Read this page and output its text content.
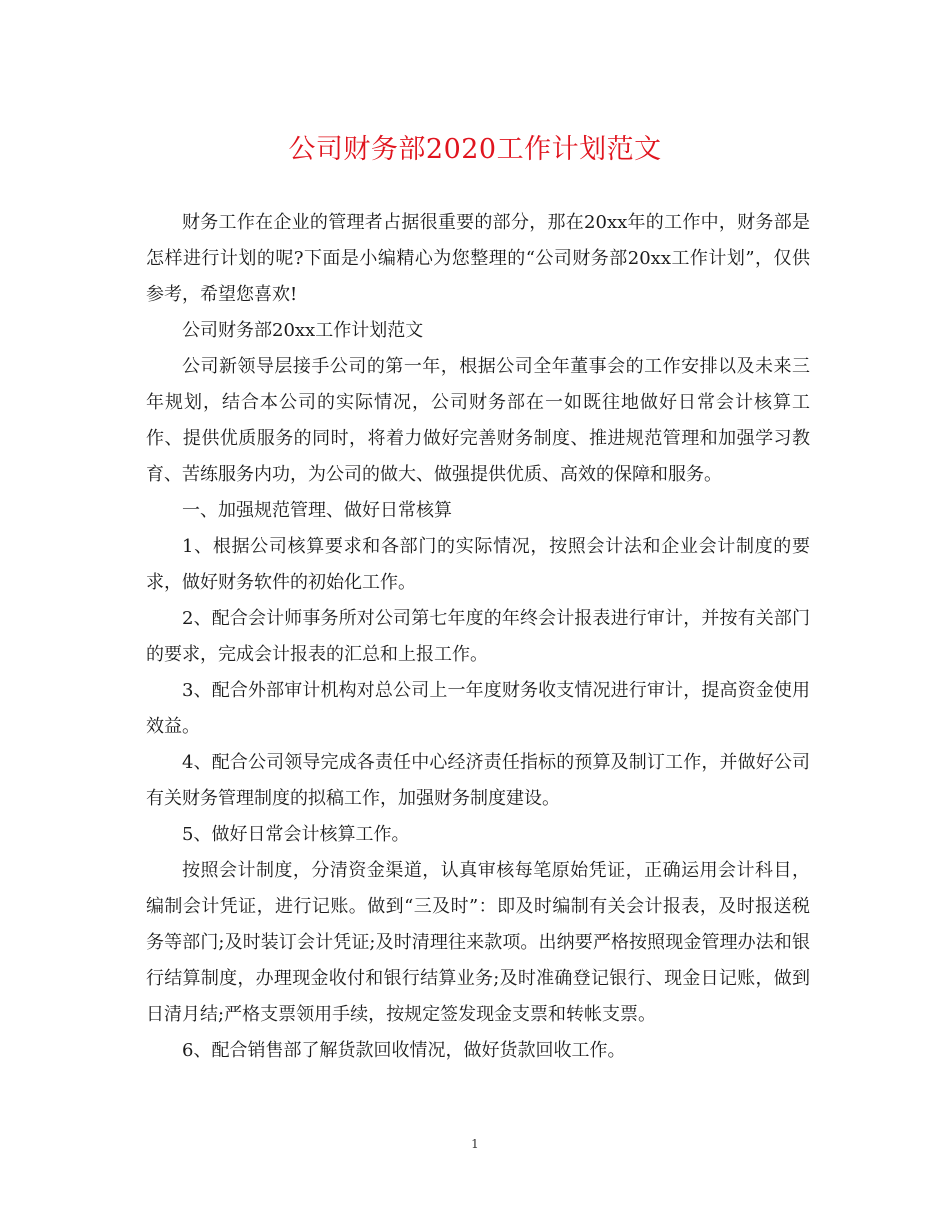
公司财务部2020工作计划范文

财务工作在企业的管理者占据很重要的部分，那在20xx年的工作中，财务部是怎样进行计划的呢?下面是小编精心为您整理的“公司财务部20xx工作计划”，仅供参考，希望您喜欢!

公司财务部20xx工作计划范文

公司新领导层接手公司的第一年，根据公司全年董事会的工作安排以及未来三年规划，结合本公司的实际情况，公司财务部在一如既往地做好日常会计核算工作、提供优质服务的同时，将着力做好完善财务制度、推进规范管理和加强学习教育、苦练服务内功，为公司的做大、做强提供优质、高效的保障和服务。

一、加强规范管理、做好日常核算

1、根据公司核算要求和各部门的实际情况，按照会计法和企业会计制度的要求，做好财务软件的初始化工作。

2、配合会计师事务所对公司第七年度的年终会计报表进行审计，并按有关部门的要求，完成会计报表的汇总和上报工作。

3、配合外部审计机构对总公司上一年度财务收支情况进行审计，提高资金使用效益。

4、配合公司领导完成各责任中心经济责任指标的预算及制订工作，并做好公司有关财务管理制度的拟稿工作，加强财务制度建设。

5、做好日常会计核算工作。

按照会计制度，分清资金渠道，认真审核每笔原始凭证，正确运用会计科目，编制会计凭证，进行记账。做到“三及时”：即及时编制有关会计报表，及时报送税务等部门;及时装订会计凭证;及时清理往来款项。出纳要严格按照现金管理办法和银行结算制度，办理现金收付和银行结算业务;及时准确登记银行、现金日记账，做到日清月结;严格支票领用手续，按规定签发现金支票和转帐支票。

6、配合销售部了解货款回收情况，做好货款回收工作。

1
